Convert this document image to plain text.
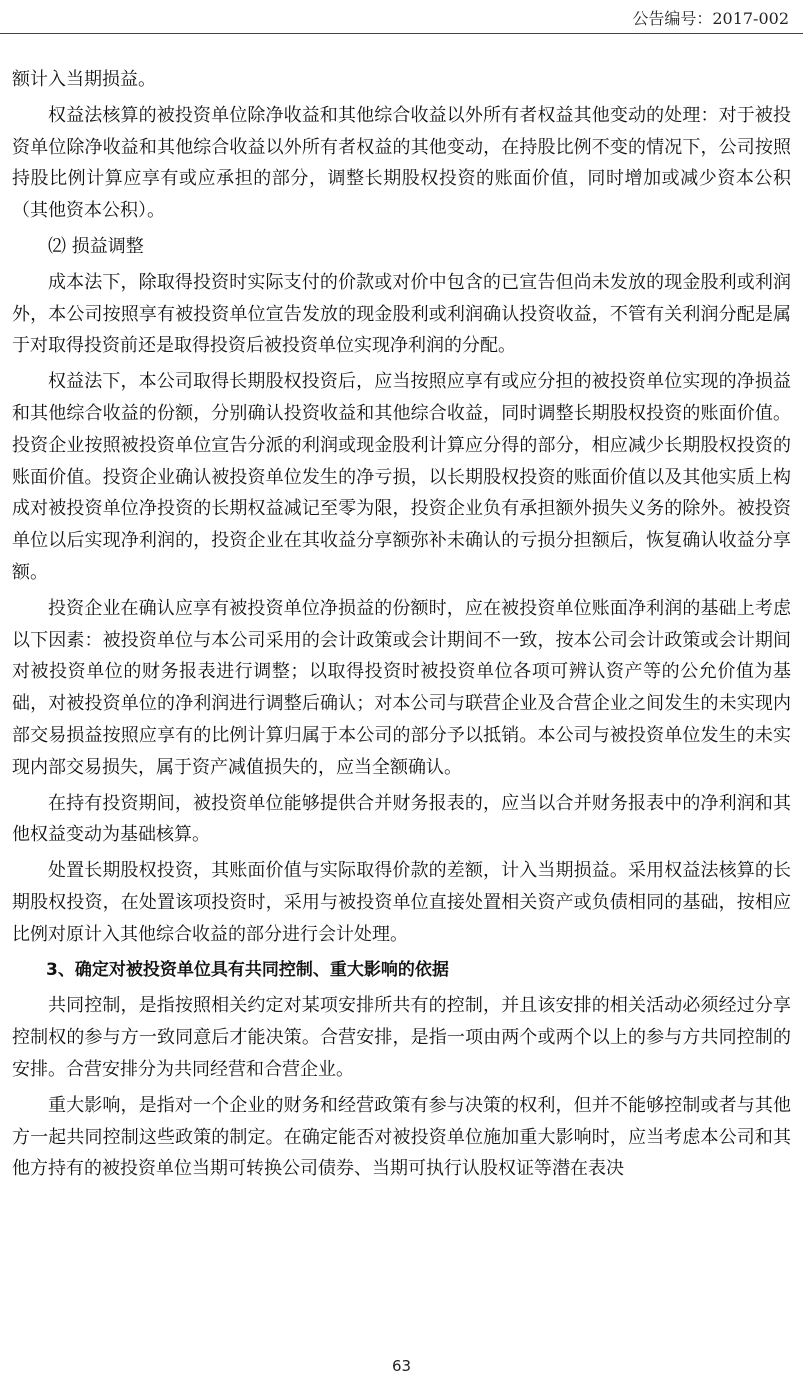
公告编号：2017-002

额计入当期损益。

权益法核算的被投资单位除净收益和其他综合收益以外所有者权益其他变动的处理：对于被投资单位除净收益和其他综合收益以外所有者权益的其他变动，在持股比例不变的情况下，公司按照持股比例计算应享有或应承担的部分，调整长期股权投资的账面价值，同时增加或减少资本公积（其他资本公积）。

⑵ 损益调整

成本法下，除取得投资时实际支付的价款或对价中包含的已宣告但尚未发放的现金股利或利润外，本公司按照享有被投资单位宣告发放的现金股利或利润确认投资收益，不管有关利润分配是属于对取得投资前还是取得投资后被投资单位实现净利润的分配。

权益法下，本公司取得长期股权投资后，应当按照应享有或应分担的被投资单位实现的净损益和其他综合收益的份额，分别确认投资收益和其他综合收益，同时调整长期股权投资的账面价值。投资企业按照被投资单位宣告分派的利润或现金股利计算应分得的部分，相应减少长期股权投资的账面价值。投资企业确认被投资单位发生的净亏损，以长期股权投资的账面价值以及其他实质上构成对被投资单位净投资的长期权益减记至零为限，投资企业负有承担额外损失义务的除外。被投资单位以后实现净利润的，投资企业在其收益分享额弥补未确认的亏损分担额后，恢复确认收益分享额。

投资企业在确认应享有被投资单位净损益的份额时，应在被投资单位账面净利润的基础上考虑以下因素：被投资单位与本公司采用的会计政策或会计期间不一致，按本公司会计政策或会计期间对被投资单位的财务报表进行调整；以取得投资时被投资单位各项可辨认资产等的公允价值为基础，对被投资单位的净利润进行调整后确认；对本公司与联营企业及合营企业之间发生的未实现内部交易损益按照应享有的比例计算归属于本公司的部分予以抵销。本公司与被投资单位发生的未实现内部交易损失，属于资产减值损失的，应当全额确认。

在持有投资期间，被投资单位能够提供合并财务报表的，应当以合并财务报表中的净利润和其他权益变动为基础核算。

处置长期股权投资，其账面价值与实际取得价款的差额，计入当期损益。采用权益法核算的长期股权投资，在处置该项投资时，采用与被投资单位直接处置相关资产或负债相同的基础，按相应比例对原计入其他综合收益的部分进行会计处理。

3、确定对被投资单位具有共同控制、重大影响的依据

共同控制，是指按照相关约定对某项安排所共有的控制，并且该安排的相关活动必须经过分享控制权的参与方一致同意后才能决策。合营安排，是指一项由两个或两个以上的参与方共同控制的安排。合营安排分为共同经营和合营企业。

重大影响，是指对一个企业的财务和经营政策有参与决策的权利，但并不能够控制或者与其他方一起共同控制这些政策的制定。在确定能否对被投资单位施加重大影响时，应当考虑本公司和其他方持有的被投资单位当期可转换公司债券、当期可执行认股权证等潜在表决

63
